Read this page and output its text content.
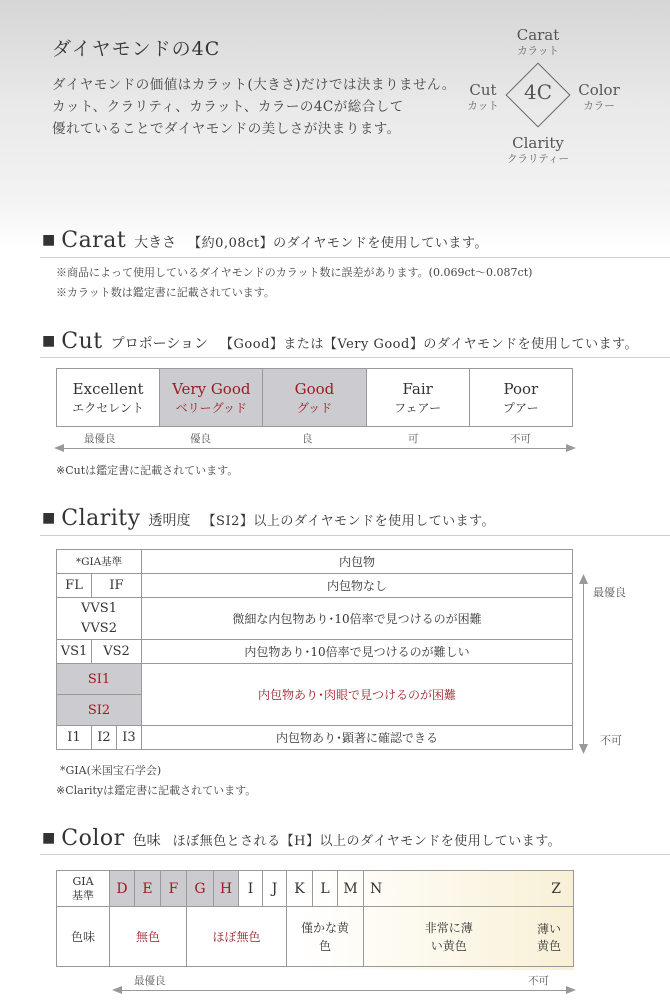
ダイヤモンドの4C
ダイヤモンドの価値はカラット(大きさ)だけでは決まりません。
カット、クラリティ、カラット、カラーの4Cが総合して
優れていることでダイヤモンドの美しさが決まります。
4C
Carat
カラット
Cut
カット
Color
カラー
Clarity
クラリティー
■ Carat 大きさ 【約0,08ct】のダイヤモンドを使用しています。
※商品によって使用しているダイヤモンドのカラット数に誤差があります。(0.069ct～0.087ct)
※カラット数は鑑定書に記載されています。
■ Cut プロポーション 【Good】または【Very Good】のダイヤモンドを使用しています。
Excellent
エクセレント

Very Good
ベリーグッド

Good
グッド

Fair
フェアー

Poor
プアー
最優良	優良	良	可	不可
※Cutは鑑定書に記載されています。
■ Clarity 透明度 【SI2】以上のダイヤモンドを使用しています。
*GIA基準			内包物
FL	IF		内包物なし
VVS1			微細な内包物あり･10倍率で見つけるのが困難
VVS2			
VS1	VS2		内包物あり･10倍率で見つけるのが難しい
SI1			内包物あり･肉眼で見つけるのが困難
SI2			
I1	I2	I3	内包物あり･顕著に確認できる
最優良
不可
*GIA(米国宝石学会)
※Clarityは鑑定書に記載されています。
■ Color 色味 ほぼ無色とされる【H】以上のダイヤモンドを使用しています。
GIA基準	D	E	F	G	H	I	J	K	L	M	N	Z
色味	無色			ほぼ無色				僅かな黄色			非常に薄い黄色	薄い黄色
最優良	不可
